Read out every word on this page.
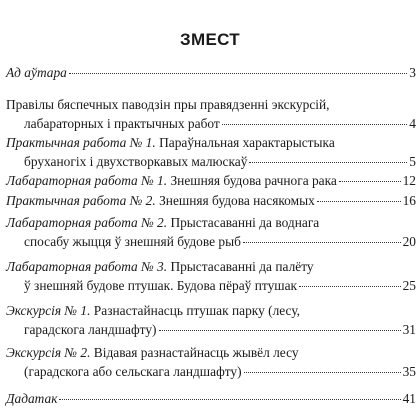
ЗМЕСТ
Ад аўтара	3
Правілы бяспечных паводзін пры правядзенні экскурсій,
лабараторных і практычных работ	4
Практычная работа № 1. Параўнальная характарыстыка
бруханогіх і двухстворкавых малюскаў	5
Лабараторная работа № 1. Знешняя будова рачнога рака	12
Практычная работа № 2. Знешняя будова насякомых	16
Лабараторная работа № 2. Прыстасаванні да воднага
спосабу жыцця ў знешняй будове рыб	20
Лабараторная работа № 3. Прыстасаванні да палёту
ў знешняй будове птушак. Будова пёраў птушак	25
Экскурсія № 1. Разнастайнасць птушак парку (лесу,
гарадскога ландшафту)	31
Экскурсія № 2. Відавая разнастайнасць жывёл лесу
(гарадскога або сельскага ландшафту)	35
Дадатак	41
